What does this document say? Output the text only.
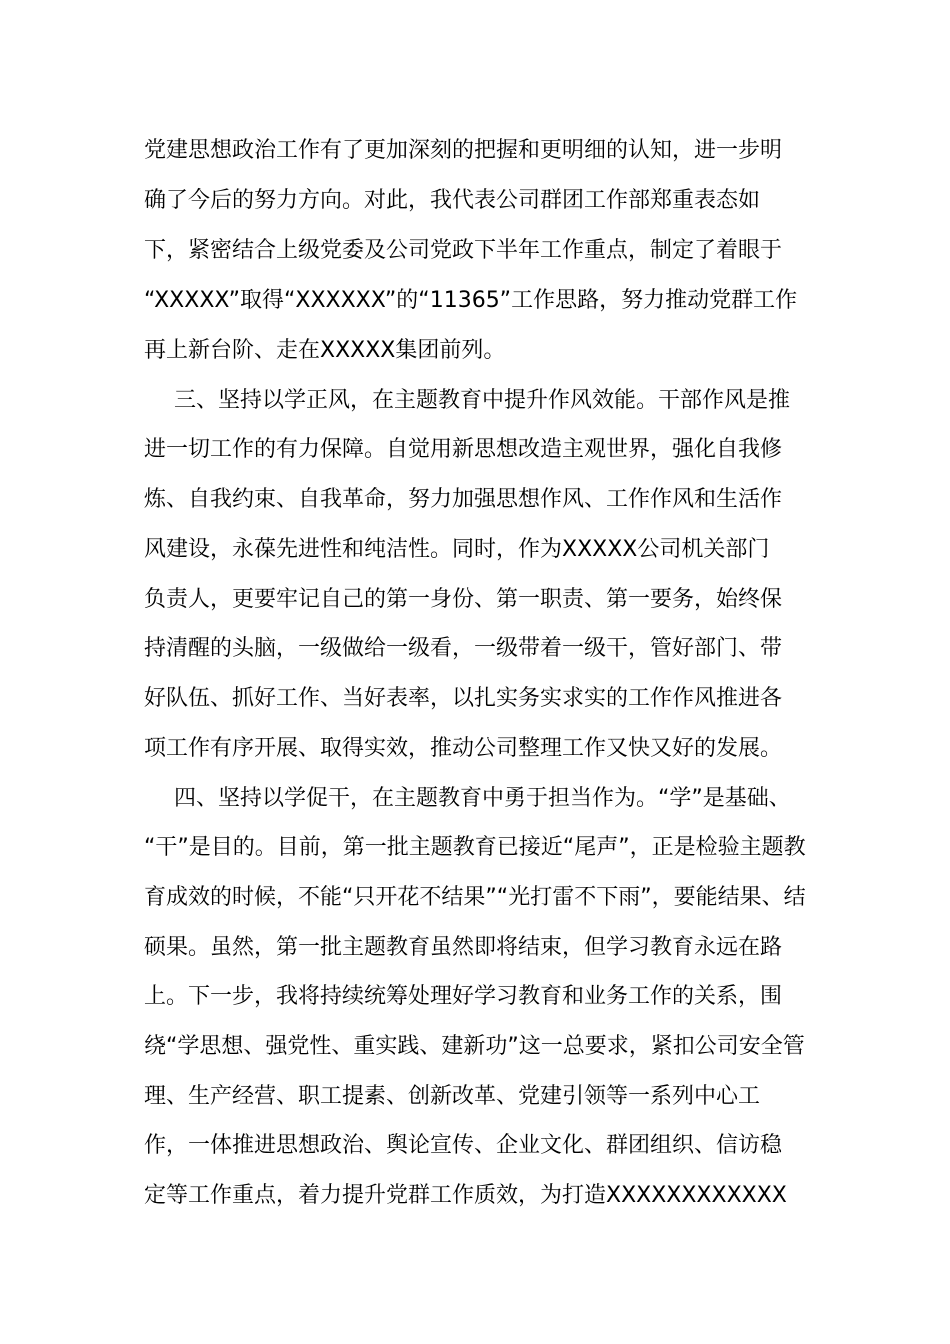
党建思想政治工作有了更加深刻的把握和更明细的认知，进一步明
确了今后的努力方向。对此，我代表公司群团工作部郑重表态如
下，紧密结合上级党委及公司党政下半年工作重点，制定了着眼于
“XXXXX”取得“XXXXXX”的“11365”工作思路，努力推动党群工作
再上新台阶、走在XXXXX集团前列。
三、坚持以学正风，在主题教育中提升作风效能。干部作风是推
进一切工作的有力保障。自觉用新思想改造主观世界，强化自我修
炼、自我约束、自我革命，努力加强思想作风、工作作风和生活作
风建设，永葆先进性和纯洁性。同时，作为XXXXX公司机关部门
负责人，更要牢记自己的第一身份、第一职责、第一要务，始终保
持清醒的头脑，一级做给一级看，一级带着一级干，管好部门、带
好队伍、抓好工作、当好表率，以扎实务实求实的工作作风推进各
项工作有序开展、取得实效，推动公司整理工作又快又好的发展。
四、坚持以学促干，在主题教育中勇于担当作为。“学”是基础、
“干”是目的。目前，第一批主题教育已接近“尾声”，正是检验主题教
育成效的时候，不能“只开花不结果”“光打雷不下雨”，要能结果、结
硕果。虽然，第一批主题教育虽然即将结束，但学习教育永远在路
上。下一步，我将持续统筹处理好学习教育和业务工作的关系，围
绕“学思想、强党性、重实践、建新功”这一总要求，紧扣公司安全管
理、生产经营、职工提素、创新改革、党建引领等一系列中心工
作，一体推进思想政治、舆论宣传、企业文化、群团组织、信访稳
定等工作重点，着力提升党群工作质效，为打造XXXXXXXXXXXX
